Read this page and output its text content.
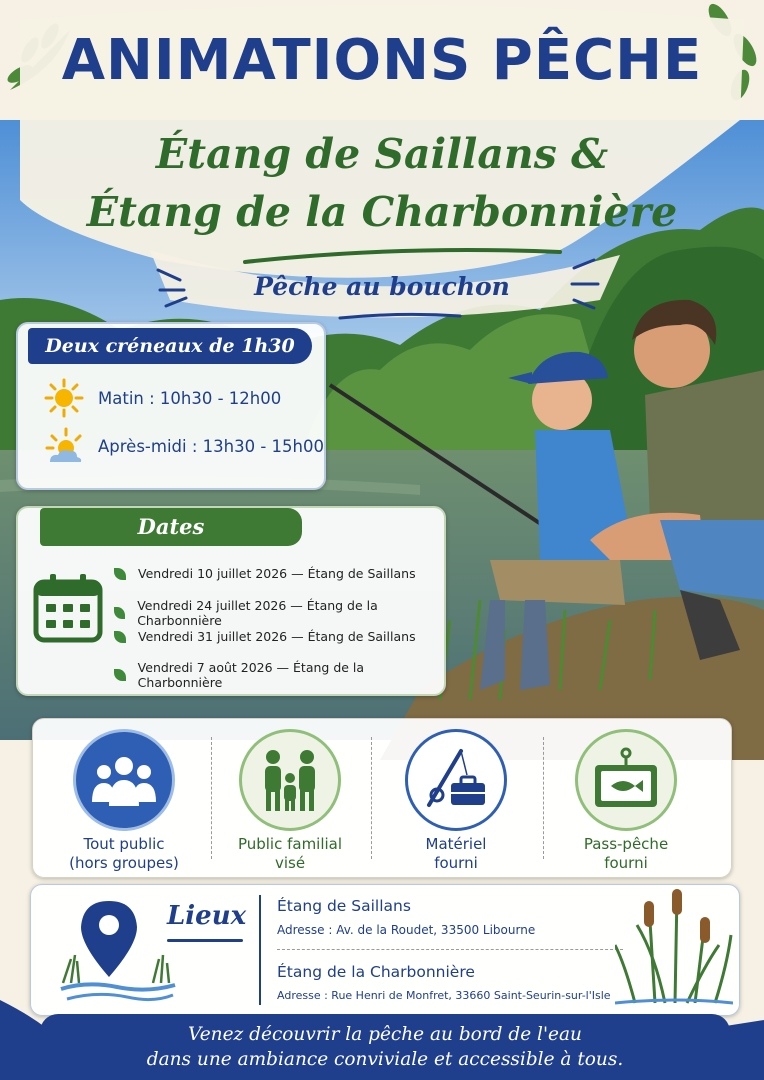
ANIMATIONS PÊCHE
Étang de Saillans &
Étang de la Charbonnière
Pêche au bouchon
Deux créneaux de 1h30
Matin : 10h30 - 12h00
Après-midi : 13h30 - 15h00
Dates
Vendredi 10 juillet 2026 — Étang de Saillans
Vendredi 24 juillet 2026 — Étang de la Charbonnière
Vendredi 31 juillet 2026 — Étang de Saillans
Vendredi 7 août 2026 — Étang de la Charbonnière
Tout public
(hors groupes)
Public familial
visé
Matériel
fourni
Pass-pêche
fourni
Lieux Étang de Saillans
Adresse : Av. de la Roudet, 33500 Libourne
Étang de la Charbonnière
Adresse : Rue Henri de Monfret, 33660 Saint-Seurin-sur-l'Isle
Venez découvrir la pêche au bord de l'eau
dans une ambiance conviviale et accessible à tous.
